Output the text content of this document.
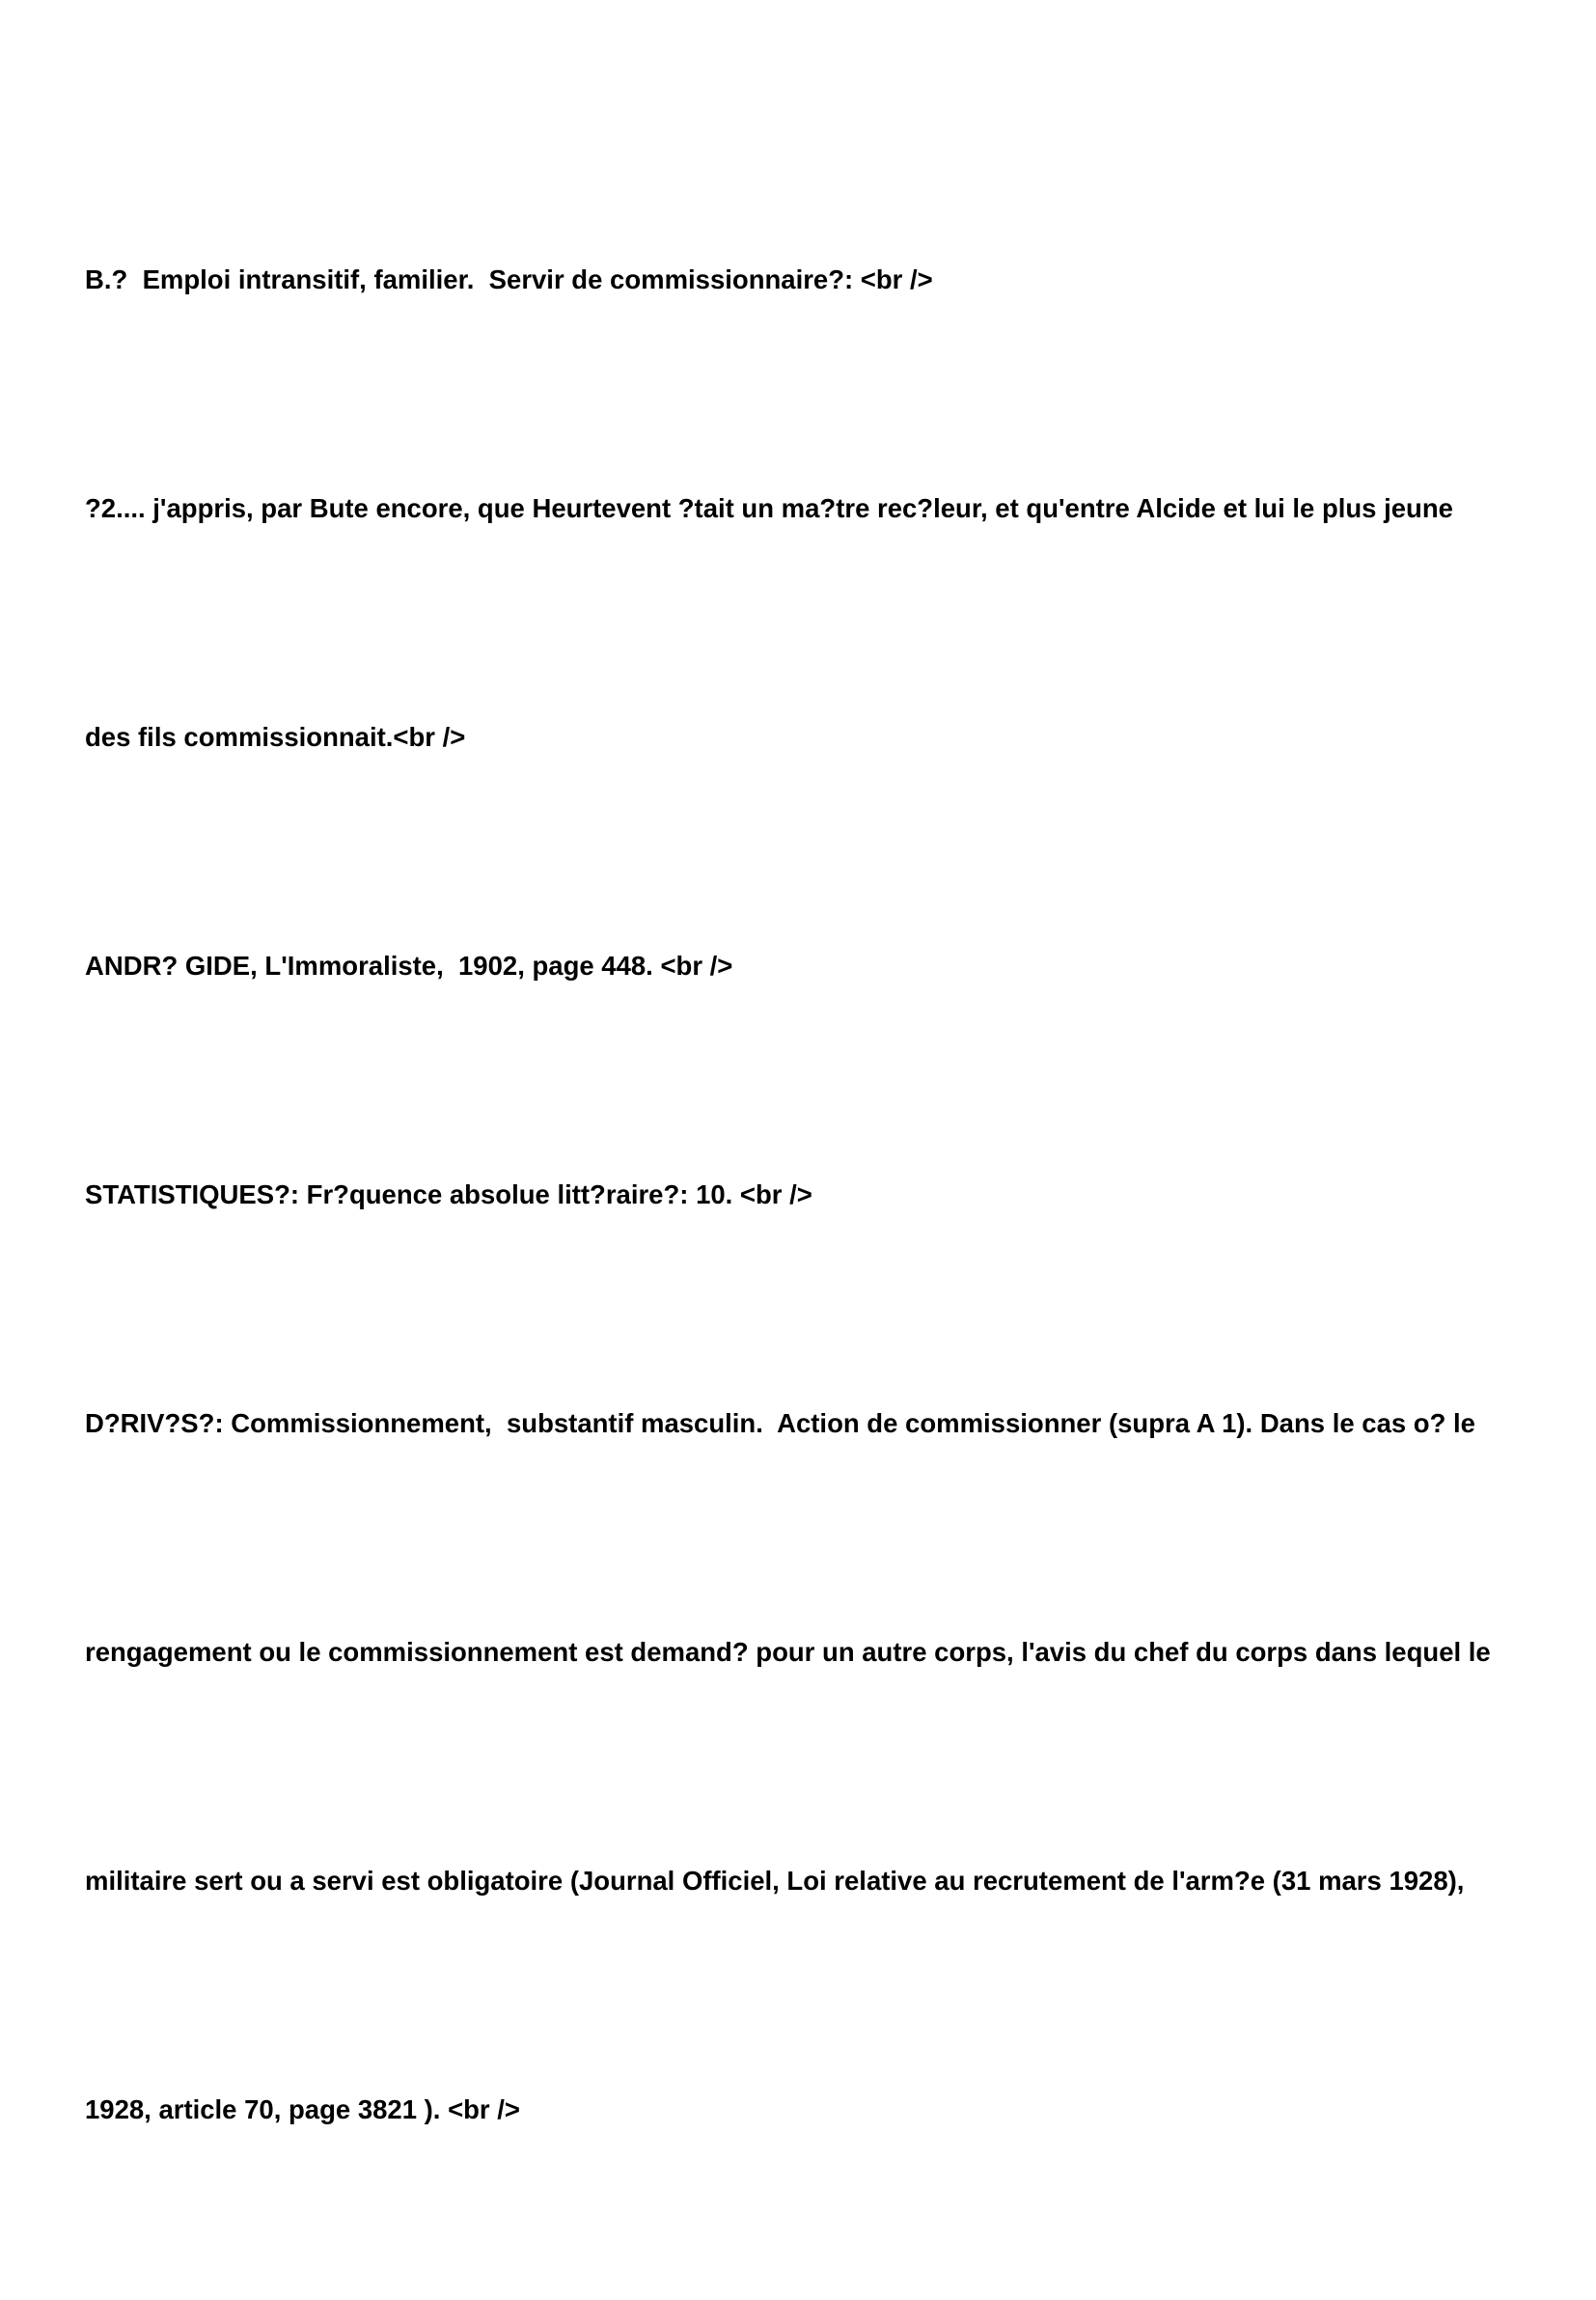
B.?  Emploi intransitif, familier.  Servir de commissionnaire?: <br />

?2.... j'appris, par Bute encore, que Heurtevent ?tait un ma?tre rec?leur, et qu'entre Alcide et lui le plus jeune

des fils commissionnait.<br />

ANDR? GIDE, L'Immoraliste,  1902, page 448. <br />

STATISTIQUES?: Fr?quence absolue litt?raire?: 10. <br />

D?RIV?S?: Commissionnement,  substantif masculin.  Action de commissionner (supra A 1). Dans le cas o? le

rengagement ou le commissionnement est demand? pour un autre corps, l'avis du chef du corps dans lequel le

militaire sert ou a servi est obligatoire (Journal Officiel, Loi relative au recrutement de l'arm?e (31 mars 1928),

1928, article 70, page 3821 ). <br />
